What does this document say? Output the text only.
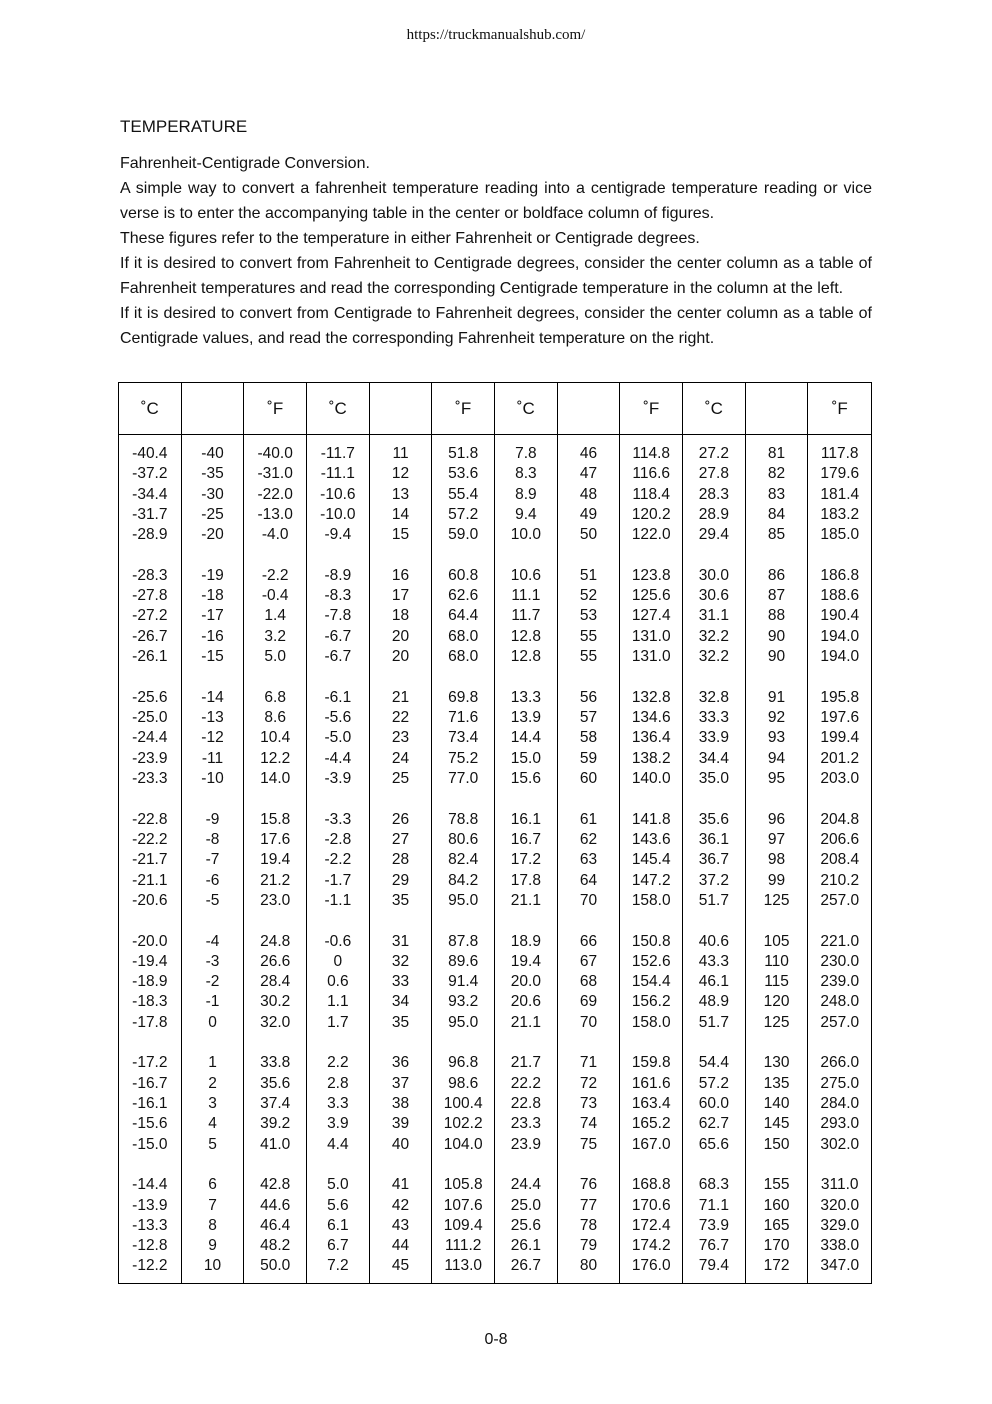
https://truckmanualshub.com/
TEMPERATURE

Fahrenheit-Centigrade Conversion.

A simple way to convert a fahrenheit temperature reading into a centigrade temperature reading or vice verse is to enter the accompanying table in the center or boldface column of figures.

These figures refer to the temperature in either Fahrenheit or Centigrade degrees.

If it is desired to convert from Fahrenheit to Centigrade degrees, consider the center column as a table of Fahrenheit temperatures and read the corresponding Centigrade temperature in the column at the left.

If it is desired to convert from Centigrade to Fahrenheit degrees, consider the center column as a table of Centigrade values, and read the corresponding Fahrenheit temperature on the right.

˚C
-40.4
-37.2
-34.4
-31.7
-28.9
-28.3
-27.8
-27.2
-26.7
-26.1
-25.6
-25.0
-24.4
-23.9
-23.3
-22.8
-22.2
-21.7
-21.1
-20.6
-20.0
-19.4
-18.9
-18.3
-17.8
-17.2
-16.7
-16.1
-15.6
-15.0
-14.4
-13.9
-13.3
-12.8
-12.2
-40
-35
-30
-25
-20
-19
-18
-17
-16
-15
-14
-13
-12
-11
-10
-9
-8
-7
-6
-5
-4
-3
-2
-1
0
1
2
3
4
5
6
7
8
9
10
˚F
-40.0
-31.0
-22.0
-13.0
-4.0
-2.2
-0.4
1.4
3.2
5.0
6.8
8.6
10.4
12.2
14.0
15.8
17.6
19.4
21.2
23.0
24.8
26.6
28.4
30.2
32.0
33.8
35.6
37.4
39.2
41.0
42.8
44.6
46.4
48.2
50.0
˚C
-11.7
-11.1
-10.6
-10.0
-9.4
-8.9
-8.3
-7.8
-6.7
-6.7
-6.1
-5.6
-5.0
-4.4
-3.9
-3.3
-2.8
-2.2
-1.7
-1.1
-0.6
0
0.6
1.1
1.7
2.2
2.8
3.3
3.9
4.4
5.0
5.6
6.1
6.7
7.2
11
12
13
14
15
16
17
18
20
20
21
22
23
24
25
26
27
28
29
35
31
32
33
34
35
36
37
38
39
40
41
42
43
44
45
˚F
51.8
53.6
55.4
57.2
59.0
60.8
62.6
64.4
68.0
68.0
69.8
71.6
73.4
75.2
77.0
78.8
80.6
82.4
84.2
95.0
87.8
89.6
91.4
93.2
95.0
96.8
98.6
100.4
102.2
104.0
105.8
107.6
109.4
111.2
113.0
˚C
7.8
8.3
8.9
9.4
10.0
10.6
11.1
11.7
12.8
12.8
13.3
13.9
14.4
15.0
15.6
16.1
16.7
17.2
17.8
21.1
18.9
19.4
20.0
20.6
21.1
21.7
22.2
22.8
23.3
23.9
24.4
25.0
25.6
26.1
26.7
46
47
48
49
50
51
52
53
55
55
56
57
58
59
60
61
62
63
64
70
66
67
68
69
70
71
72
73
74
75
76
77
78
79
80
˚F
114.8
116.6
118.4
120.2
122.0
123.8
125.6
127.4
131.0
131.0
132.8
134.6
136.4
138.2
140.0
141.8
143.6
145.4
147.2
158.0
150.8
152.6
154.4
156.2
158.0
159.8
161.6
163.4
165.2
167.0
168.8
170.6
172.4
174.2
176.0
˚C
27.2
27.8
28.3
28.9
29.4
30.0
30.6
31.1
32.2
32.2
32.8
33.3
33.9
34.4
35.0
35.6
36.1
36.7
37.2
51.7
40.6
43.3
46.1
48.9
51.7
54.4
57.2
60.0
62.7
65.6
68.3
71.1
73.9
76.7
79.4
81
82
83
84
85
86
87
88
90
90
91
92
93
94
95
96
97
98
99
125
105
110
115
120
125
130
135
140
145
150
155
160
165
170
172
˚F
117.8
179.6
181.4
183.2
185.0
186.8
188.6
190.4
194.0
194.0
195.8
197.6
199.4
201.2
203.0
204.8
206.6
208.4
210.2
257.0
221.0
230.0
239.0
248.0
257.0
266.0
275.0
284.0
293.0
302.0
311.0
320.0
329.0
338.0
347.0
0-8
